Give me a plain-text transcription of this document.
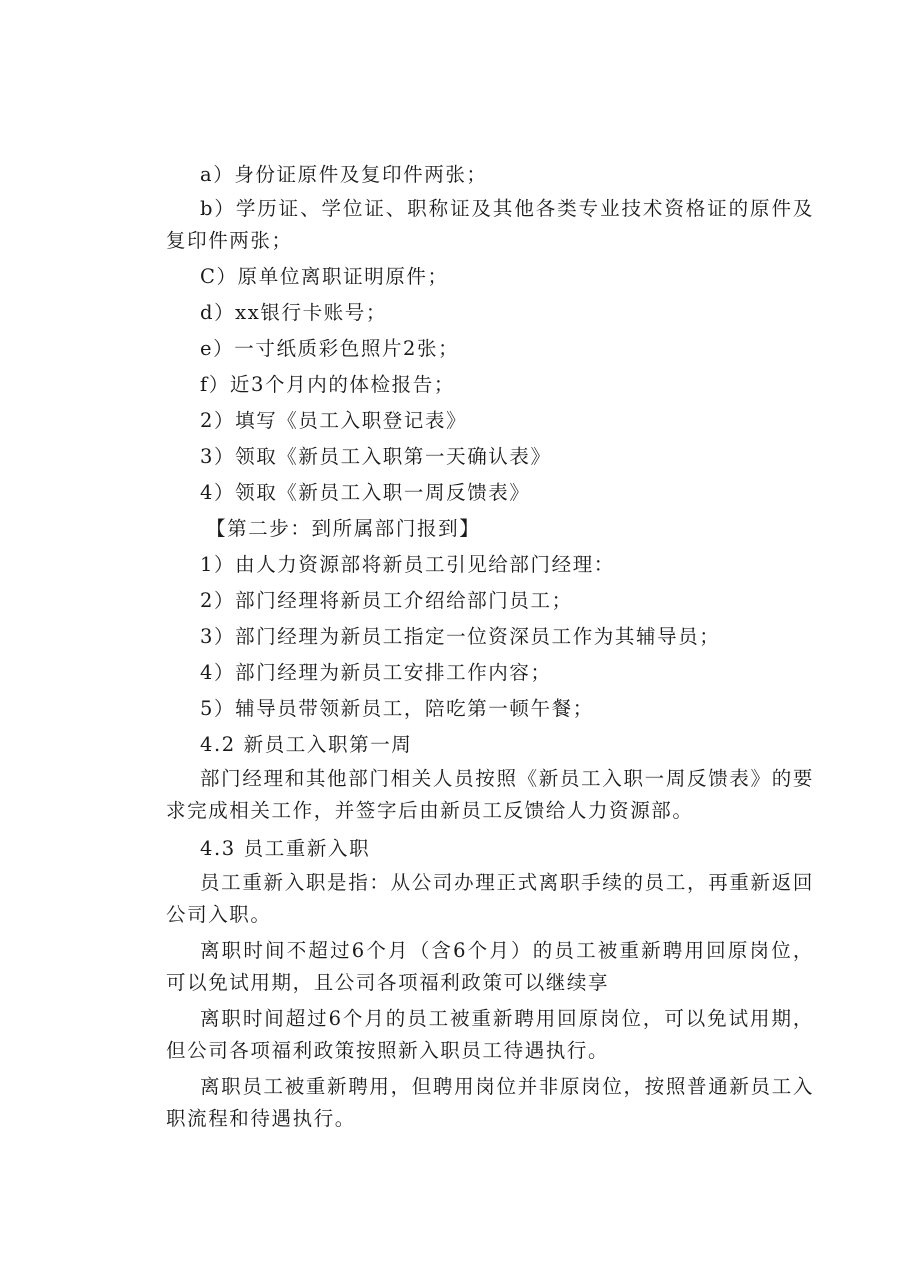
a）身份证原件及复印件两张；

b）学历证、学位证、职称证及其他各类专业技术资格证的原件及复印件两张；

C）原单位离职证明原件；

d）xx银行卡账号；

e）一寸纸质彩色照片2张；

f）近3个月内的体检报告；

2）填写《员工入职登记表》

3）领取《新员工入职第一天确认表》

4）领取《新员工入职一周反馈表》

【第二步：到所属部门报到】

1）由人力资源部将新员工引见给部门经理：

2）部门经理将新员工介绍给部门员工；

3）部门经理为新员工指定一位资深员工作为其辅导员；

4）部门经理为新员工安排工作内容；

5）辅导员带领新员工，陪吃第一顿午餐；

4.2 新员工入职第一周

部门经理和其他部门相关人员按照《新员工入职一周反馈表》的要求完成相关工作，并签字后由新员工反馈给人力资源部。

4.3 员工重新入职

员工重新入职是指：从公司办理正式离职手续的员工，再重新返回公司入职。

离职时间不超过6个月（含6个月）的员工被重新聘用回原岗位，可以免试用期，且公司各项福利政策可以继续享

离职时间超过6个月的员工被重新聘用回原岗位，可以免试用期，但公司各项福利政策按照新入职员工待遇执行。

离职员工被重新聘用，但聘用岗位并非原岗位，按照普通新员工入职流程和待遇执行。
